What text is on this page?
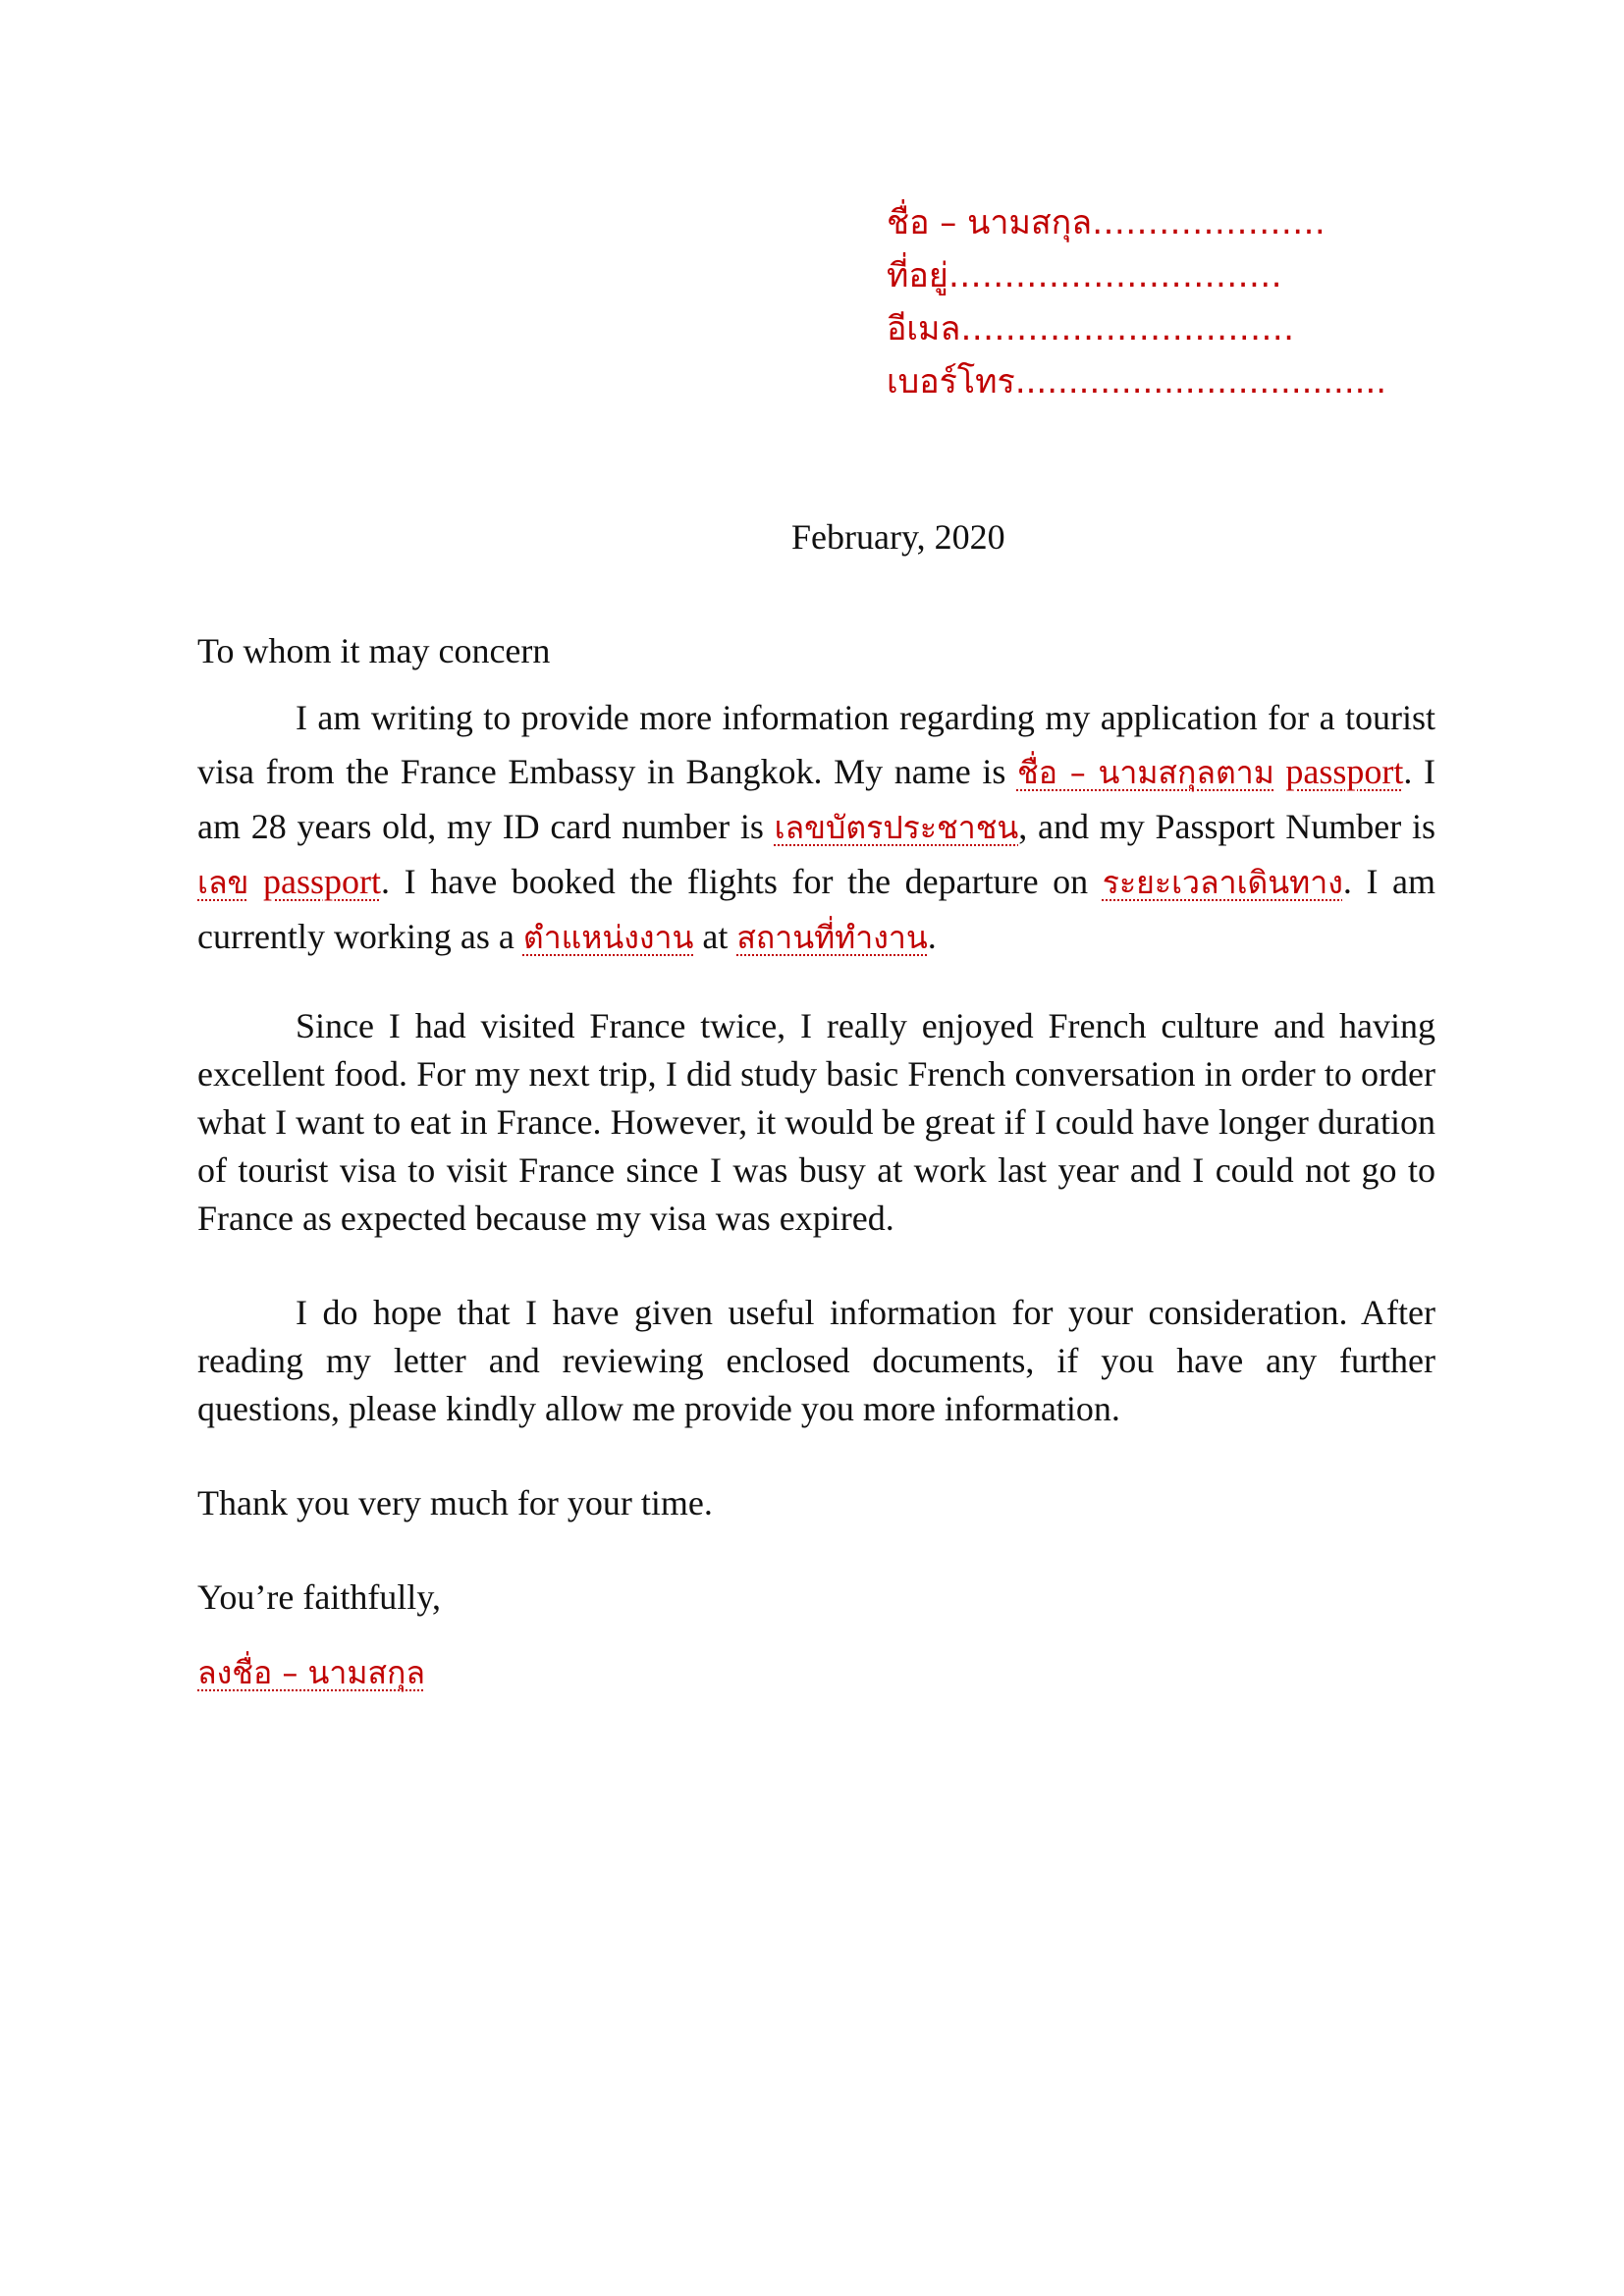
ชื่อ – นามสกุล…………………
ที่อยู่…………………………
อีเมล…………………………
เบอร์โทร...................................
February, 2020

To whom it may concern

I am writing to provide more information regarding my application for a tourist visa from the France Embassy in Bangkok. My name is ชื่อ – นามสกุลตาม passport. I am 28 years old, my ID card number is เลขบัตรประชาชน, and my Passport Number is เลข passport. I have booked the flights for the departure on ระยะเวลาเดินทาง. I am currently working as a ตำแหน่งงาน at สถานที่ทำงาน.

Since I had visited France twice, I really enjoyed French culture and having excellent food. For my next trip, I did study basic French conversation in order to order what I want to eat in France. However, it would be great if I could have longer duration of tourist visa to visit France since I was busy at work last year and I could not go to France as expected because my visa was expired.

I do hope that I have given useful information for your consideration. After reading my letter and reviewing enclosed documents, if you have any further questions, please kindly allow me provide you more information.

Thank you very much for your time.

You’re faithfully,

ลงชื่อ – นามสกุล
